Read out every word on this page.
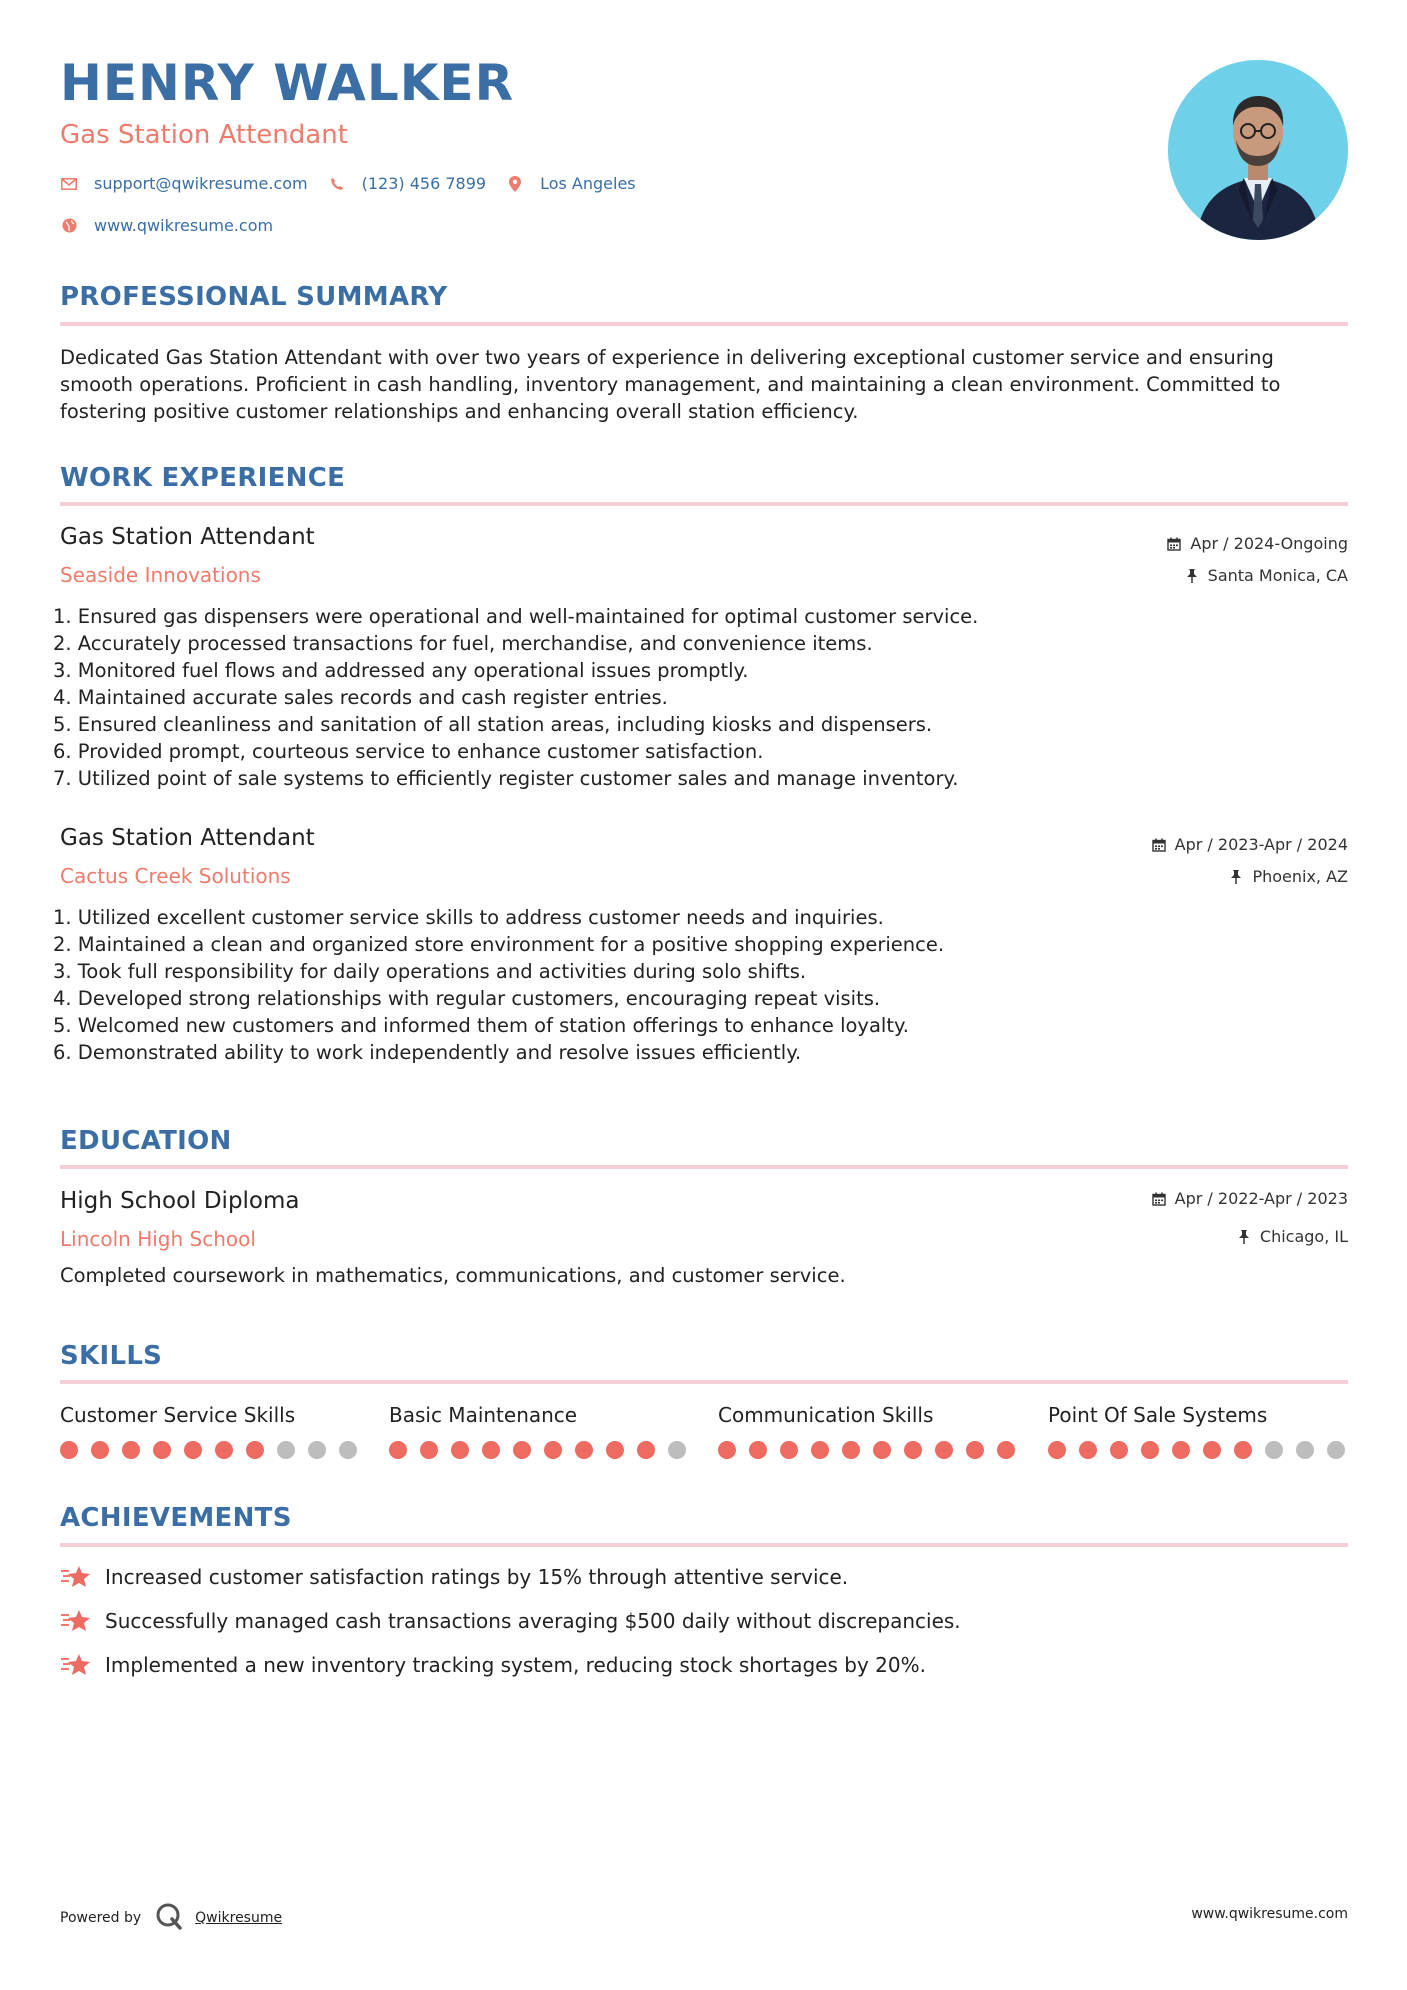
HENRY WALKER
Gas Station Attendant
support@qwikresume.com	(123) 456 7899	Los Angeles
www.qwikresume.com
PROFESSIONAL SUMMARY
Dedicated Gas Station Attendant with over two years of experience in delivering exceptional customer service and ensuring smooth operations. Proficient in cash handling, inventory management, and maintaining a clean environment. Committed to fostering positive customer relationships and enhancing overall station efficiency.
WORK EXPERIENCE
Gas Station Attendant
Seaside Innovations
Apr / 2024-Ongoing
Santa Monica, CA
1. Ensured gas dispensers were operational and well-maintained for optimal customer service.
2. Accurately processed transactions for fuel, merchandise, and convenience items.
3. Monitored fuel flows and addressed any operational issues promptly.
4. Maintained accurate sales records and cash register entries.
5. Ensured cleanliness and sanitation of all station areas, including kiosks and dispensers.
6. Provided prompt, courteous service to enhance customer satisfaction.
7. Utilized point of sale systems to efficiently register customer sales and manage inventory.
Gas Station Attendant
Cactus Creek Solutions
Apr / 2023-Apr / 2024
Phoenix, AZ
1. Utilized excellent customer service skills to address customer needs and inquiries.
2. Maintained a clean and organized store environment for a positive shopping experience.
3. Took full responsibility for daily operations and activities during solo shifts.
4. Developed strong relationships with regular customers, encouraging repeat visits.
5. Welcomed new customers and informed them of station offerings to enhance loyalty.
6. Demonstrated ability to work independently and resolve issues efficiently.
EDUCATION
High School Diploma
Lincoln High School
Apr / 2022-Apr / 2023
Chicago, IL
Completed coursework in mathematics, communications, and customer service.
SKILLS
Customer Service Skills	Basic Maintenance	Communication Skills	Point Of Sale Systems
ACHIEVEMENTS
Increased customer satisfaction ratings by 15% through attentive service.
Successfully managed cash transactions averaging $500 daily without discrepancies.
Implemented a new inventory tracking system, reducing stock shortages by 20%.
Powered by	Qwikresume	www.qwikresume.com
